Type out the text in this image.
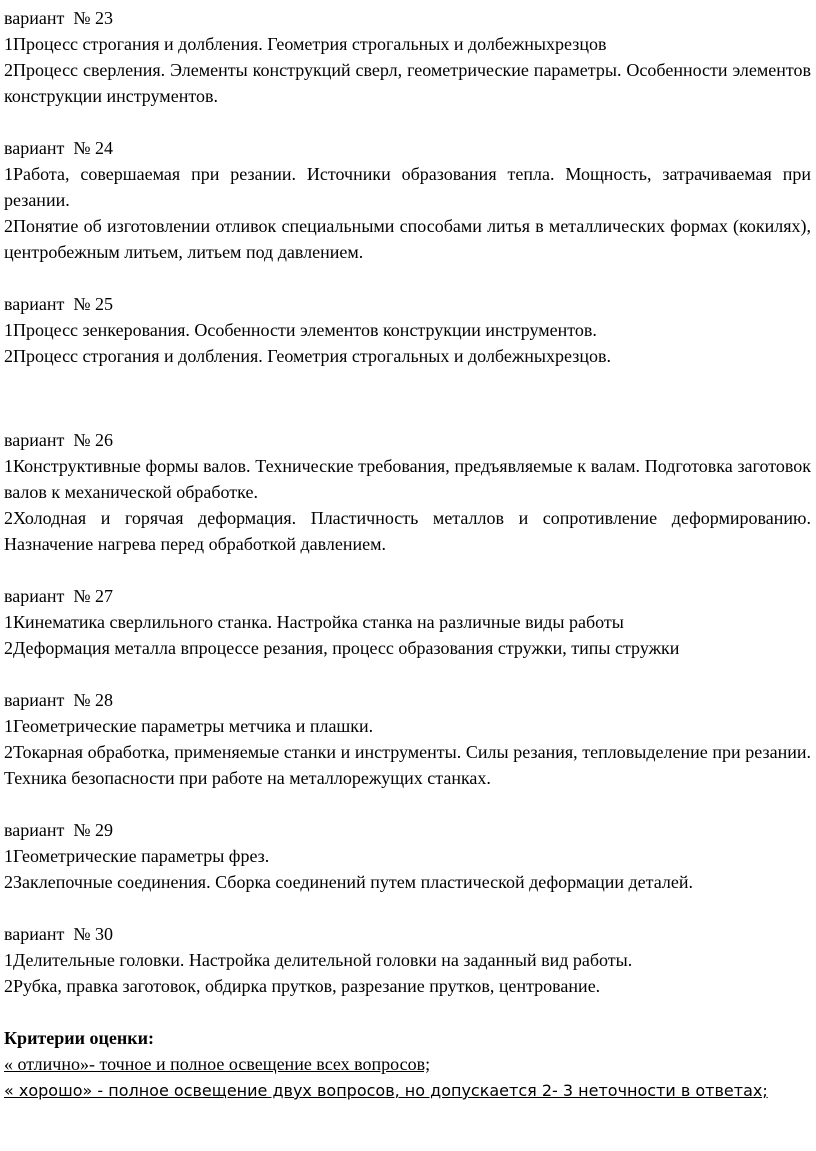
вариант  № 23

1Процесс строгания и долбления. Геометрия строгальных и долбежныхрезцов

2Процесс сверления. Элементы конструкций сверл, геометрические параметры. Особенности элементов конструкции инструментов.

вариант  № 24

1Работа, совершаемая при резании. Источники образования тепла. Мощность, затрачиваемая при резании.

2Понятие об изготовлении отливок специальными способами литья в металлических формах (кокилях), центробежным литьем, литьем под давлением.

вариант  № 25

1Процесс зенкерования. Особенности элементов конструкции инструментов.

2Процесс строгания и долбления. Геометрия строгальных и долбежныхрезцов.

вариант  № 26

1Конструктивные формы валов. Технические требования, предъявляемые к валам. Подготовка заготовок валов к механической обработке.

2Холодная и горячая деформация. Пластичность металлов и сопротивление деформированию. Назначение нагрева перед обработкой давлением.

вариант  № 27

1Кинематика сверлильного станка. Настройка станка на различные виды работы

2Деформация металла впроцессе резания, процесс образования стружки, типы стружки

вариант  № 28

1Геометрические параметры метчика и плашки.

2Токарная обработка, применяемые станки и инструменты. Силы резания, тепловыделение при резании. Техника безопасности при работе на металлорежущих станках.

вариант  № 29

1Геометрические параметры фрез.

2Заклепочные соединения. Сборка соединений путем пластической деформации деталей.

вариант  № 30

1Делительные головки. Настройка делительной головки на заданный вид работы.

2Рубка, правка заготовок, обдирка прутков, разрезание прутков, центрование.

Критерии оценки:

« отлично»- точное и полное освещение всех вопросов;

« хорошо» - полное освещение двух вопросов, но допускается 2- 3 неточности в ответах;
